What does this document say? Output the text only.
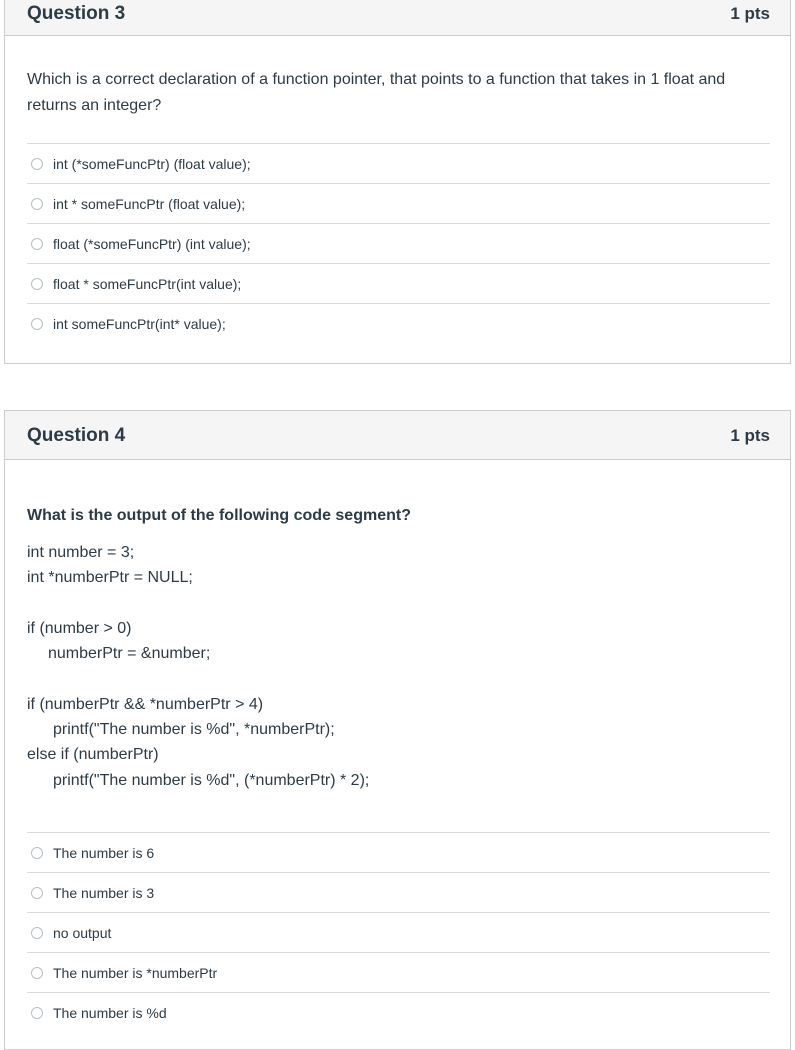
Question 3	1 pts
Which is a correct declaration of a function pointer, that points to a function that takes in 1 float and returns an integer?
int (*someFuncPtr) (float value);
int * someFuncPtr (float value);
float (*someFuncPtr) (int value);
float * someFuncPtr(int value);
int someFuncPtr(int* value);
Question 4	1 pts
What is the output of the following code segment?
int number = 3;
int *numberPtr = NULL;
if (number > 0)
numberPtr = &number;
if (numberPtr && *numberPtr > 4)
printf("The number is %d", *numberPtr);
else if (numberPtr)
printf("The number is %d", (*numberPtr) * 2);
The number is 6
The number is 3
no output
The number is *numberPtr
The number is %d
